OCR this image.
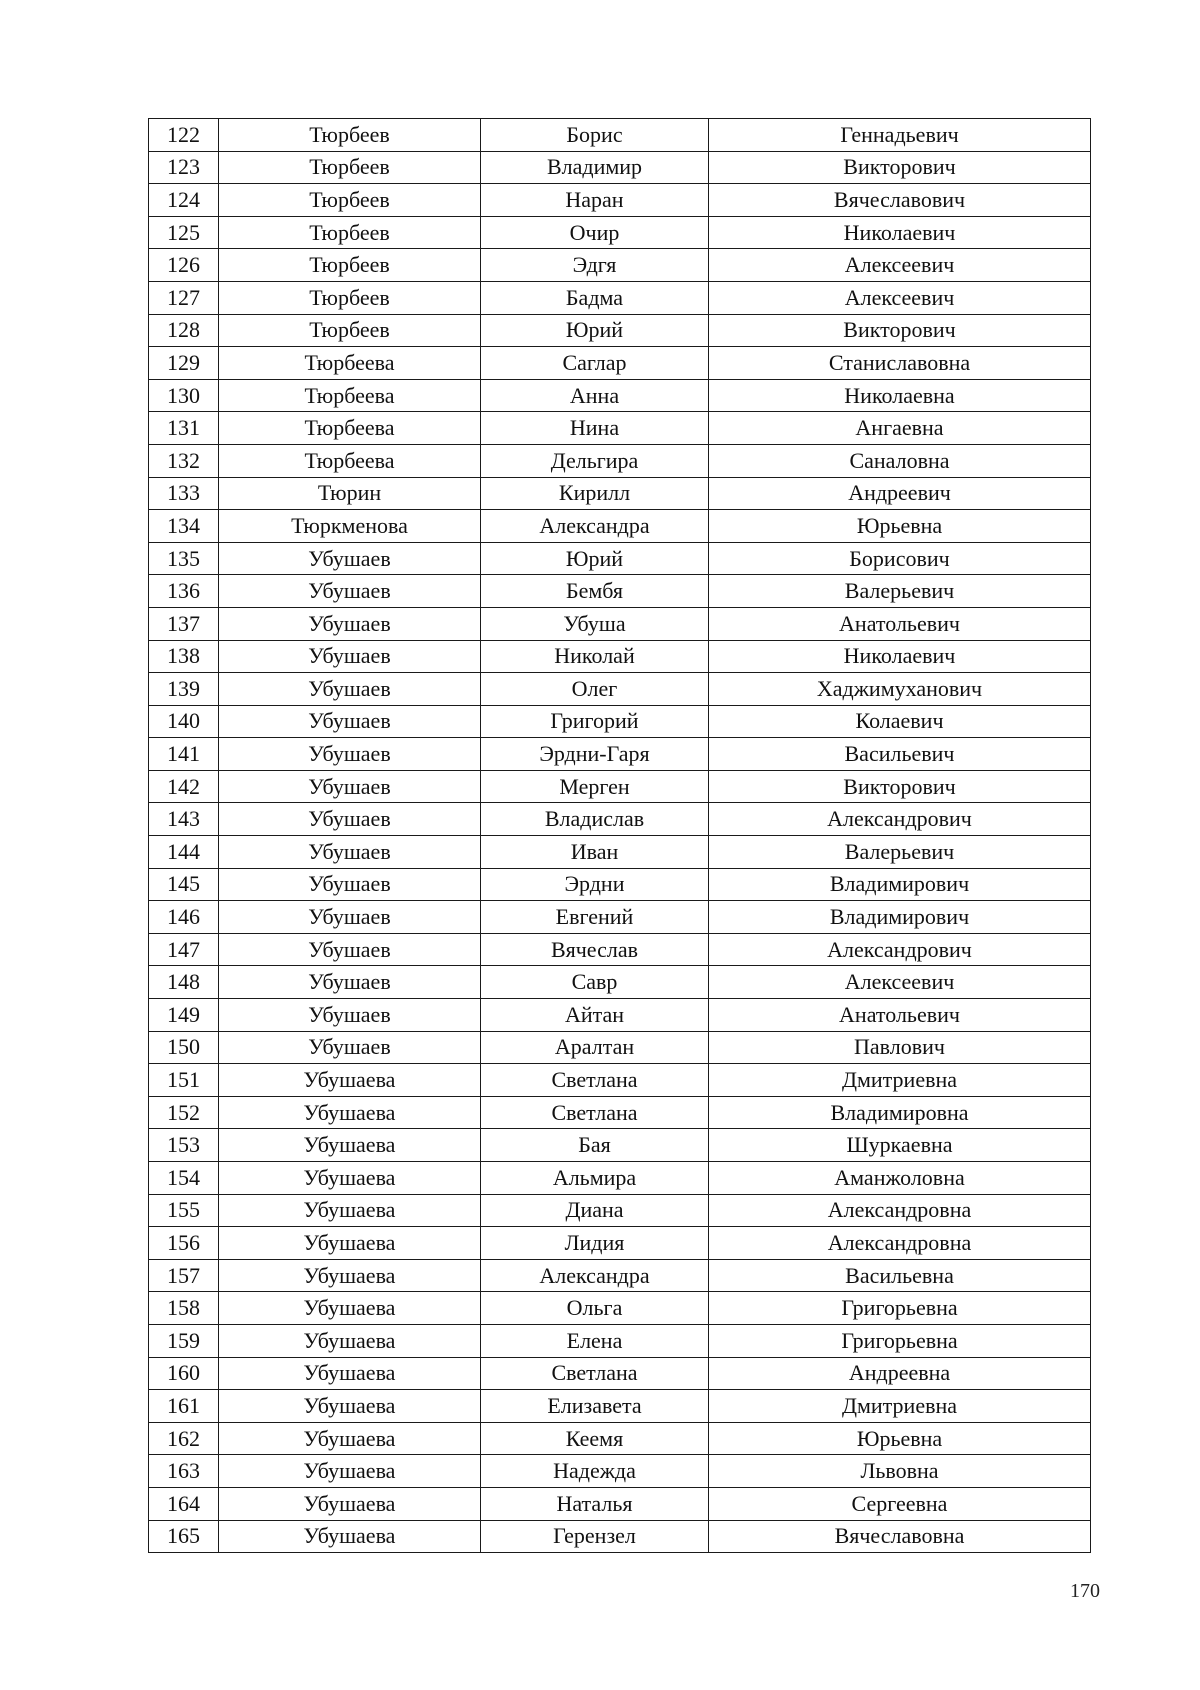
122	Тюрбеев	Борис	Геннадьевич
123	Тюрбеев	Владимир	Викторович
124	Тюрбеев	Наран	Вячеславович
125	Тюрбеев	Очир	Николаевич
126	Тюрбеев	Эдгя	Алексеевич
127	Тюрбеев	Бадма	Алексеевич
128	Тюрбеев	Юрий	Викторович
129	Тюрбеева	Саглар	Станиславовна
130	Тюрбеева	Анна	Николаевна
131	Тюрбеева	Нина	Ангаевна
132	Тюрбеева	Дельгира	Саналовна
133	Тюрин	Кирилл	Андреевич
134	Тюркменова	Александра	Юрьевна
135	Убушаев	Юрий	Борисович
136	Убушаев	Бембя	Валерьевич
137	Убушаев	Убуша	Анатольевич
138	Убушаев	Николай	Николаевич
139	Убушаев	Олег	Хаджимуханович
140	Убушаев	Григорий	Колаевич
141	Убушаев	Эрдни-Гаря	Васильевич
142	Убушаев	Мерген	Викторович
143	Убушаев	Владислав	Александрович
144	Убушаев	Иван	Валерьевич
145	Убушаев	Эрдни	Владимирович
146	Убушаев	Евгений	Владимирович
147	Убушаев	Вячеслав	Александрович
148	Убушаев	Савр	Алексеевич
149	Убушаев	Айтан	Анатольевич
150	Убушаев	Аралтан	Павлович
151	Убушаева	Светлана	Дмитриевна
152	Убушаева	Светлана	Владимировна
153	Убушаева	Бая	Шуркаевна
154	Убушаева	Альмира	Аманжоловна
155	Убушаева	Диана	Александровна
156	Убушаева	Лидия	Александровна
157	Убушаева	Александра	Васильевна
158	Убушаева	Ольга	Григорьевна
159	Убушаева	Елена	Григорьевна
160	Убушаева	Светлана	Андреевна
161	Убушаева	Елизавета	Дмитриевна
162	Убушаева	Кеемя	Юрьевна
163	Убушаева	Надежда	Львовна
164	Убушаева	Наталья	Сергеевна
165	Убушаева	Герензел	Вячеславовна
170
